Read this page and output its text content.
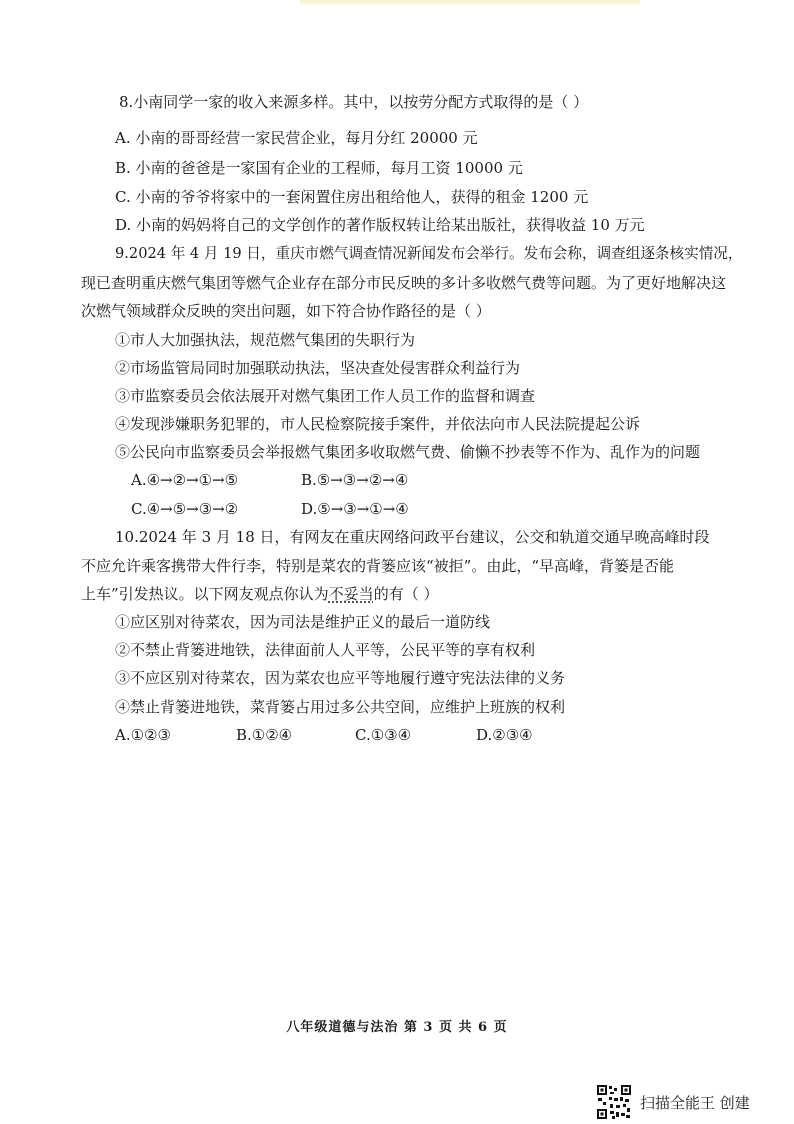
8.小南同学一家的收入来源多样。其中，以按劳分配方式取得的是（ ）
A. 小南的哥哥经营一家民营企业，每月分红 20000 元
B. 小南的爸爸是一家国有企业的工程师，每月工资 10000 元
C. 小南的爷爷将家中的一套闲置住房出租给他人，获得的租金 1200 元
D. 小南的妈妈将自己的文学创作的著作版权转让给某出版社，获得收益 10 万元
9.2024 年 4 月 19 日，重庆市燃气调查情况新闻发布会举行。发布会称，调查组逐条核实情况，
现已查明重庆燃气集团等燃气企业存在部分市民反映的多计多收燃气费等问题。为了更好地解决这
次燃气领域群众反映的突出问题，如下符合协作路径的是（ ）
①市人大加强执法，规范燃气集团的失职行为
②市场监管局同时加强联动执法，坚决查处侵害群众利益行为
③市监察委员会依法展开对燃气集团工作人员工作的监督和调查
④发现涉嫌职务犯罪的，市人民检察院接手案件，并依法向市人民法院提起公诉
⑤公民向市监察委员会举报燃气集团多收取燃气费、偷懒不抄表等不作为、乱作为的问题
A.④→②→①→⑤	B.⑤→③→②→④
C.④→⑤→③→②	D.⑤→③→①→④
10.2024 年 3 月 18 日，有网友在重庆网络问政平台建议，公交和轨道交通早晚高峰时段
不应允许乘客携带大件行李，特别是菜农的背篓应该“被拒”。由此，“早高峰，背篓是否能
上车”引发热议。以下网友观点你认为不妥当的有（ ）
①应区别对待菜农，因为司法是维护正义的最后一道防线
②不禁止背篓进地铁，法律面前人人平等，公民平等的享有权利
③不应区别对待菜农，因为菜农也应平等地履行遵守宪法法律的义务
④禁止背篓进地铁，菜背篓占用过多公共空间，应维护上班族的权利
A.①②③	B.①②④	C.①③④	D.②③④
八年级道德与法治 第 3 页 共 6 页
扫描全能王 创建
